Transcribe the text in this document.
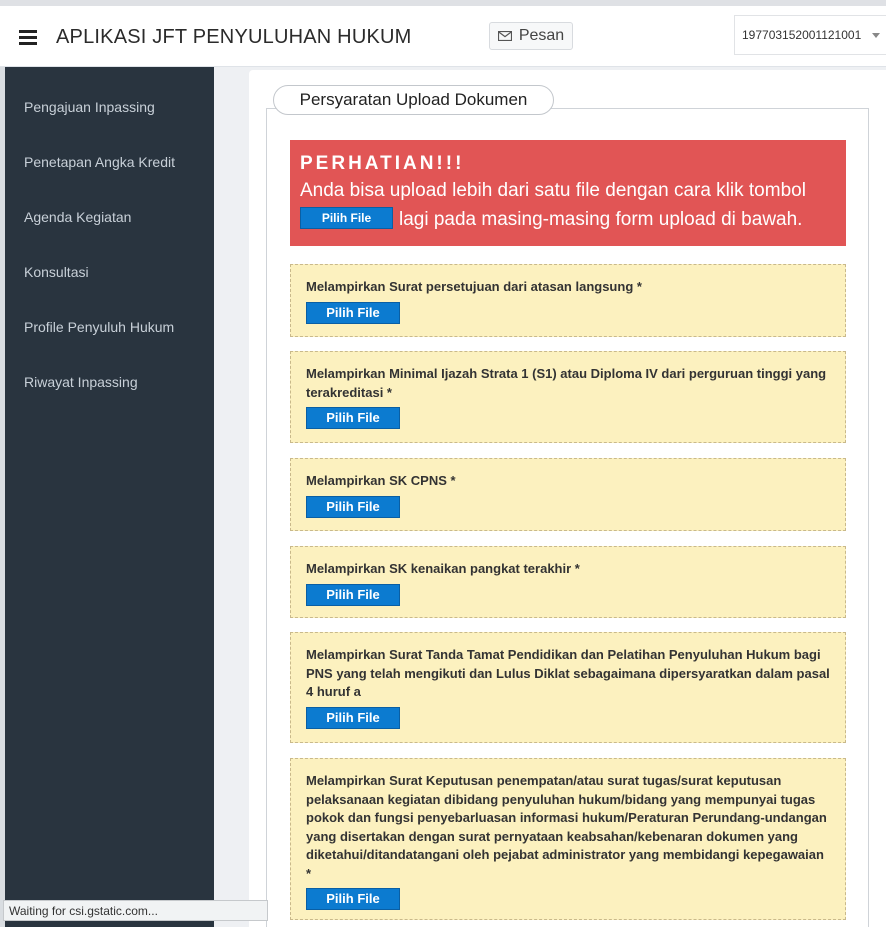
APLIKASI JFT PENYULUHAN HUKUM	Pesan	197703152001121001
Pengajuan Inpassing
Penetapan Angka Kredit
Agenda Kegiatan
Konsultasi
Profile Penyuluh Hukum
Riwayat Inpassing
Persyaratan Upload Dokumen
PERHATIAN!!!
Anda bisa upload lebih dari satu file dengan cara klik tombol
Pilih File lagi pada masing-masing form upload di bawah.
Melampirkan Surat persetujuan dari atasan langsung *
Pilih File
Melampirkan Minimal Ijazah Strata 1 (S1) atau Diploma IV dari perguruan tinggi yang terakreditasi *
Pilih File
Melampirkan SK CPNS *
Pilih File
Melampirkan SK kenaikan pangkat terakhir *
Pilih File
Melampirkan Surat Tanda Tamat Pendidikan dan Pelatihan Penyuluhan Hukum bagi PNS yang telah mengikuti dan Lulus Diklat sebagaimana dipersyaratkan dalam pasal 4 huruf a
Pilih File
Melampirkan Surat Keputusan penempatan/atau surat tugas/surat keputusan pelaksanaan kegiatan dibidang penyuluhan hukum/bidang yang mempunyai tugas pokok dan fungsi penyebarluasan informasi hukum/Peraturan Perundang-undangan yang disertakan dengan surat pernyataan keabsahan/kebenaran dokumen yang diketahui/ditandatangani oleh pejabat administrator yang membidangi kepegawaian *
Pilih File
Waiting for csi.gstatic.com...
